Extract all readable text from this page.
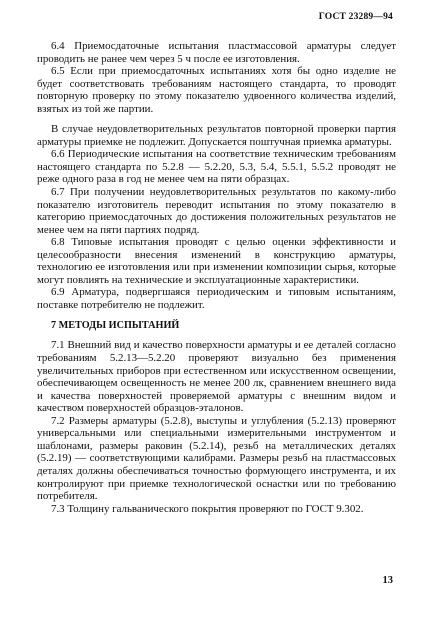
ГОСТ 23289—94

6.4 Приемосдаточные испытания пластмассовой арматуры следует проводить не ранее чем через 5 ч после ее изготовления.

6.5 Если при приемосдаточных испытаниях хотя бы одно изделие не будет соответствовать требованиям настоящего стандарта, то проводят повторную проверку по этому показателю удвоенного количества изделий, взятых из той же партии.

В случае неудовлетворительных результатов повторной проверки партия арматуры приемке не подлежит. Допускается поштучная приемка арматуры.

6.6 Периодические испытания на соответствие техническим требованиям настоящего стандарта по 5.2.8 — 5.2.20, 5.3, 5.4, 5.5.1, 5.5.2 проводят не реже одного раза в год не менее чем на пяти образцах.

6.7 При получении неудовлетворительных результатов по какому-либо показателю изготовитель переводит испытания по этому показателю в категорию приемосдаточных до достижения положительных результатов не менее чем на пяти партиях подряд.

6.8 Типовые испытания проводят с целью оценки эффективности и целесообразности внесения изменений в конструкцию арматуры, технологию ее изготовления или при изменении композиции сырья, которые могут повлиять на технические и эксплуатационные характеристики.

6.9 Арматура, подвергшаяся периодическим и типовым испытаниям, поставке потребителю не подлежит.

7 МЕТОДЫ ИСПЫТАНИЙ

7.1 Внешний вид и качество поверхности арматуры и ее деталей согласно требованиям 5.2.13—5.2.20 проверяют визуально без применения увеличительных приборов при естественном или искусственном освещении, обеспечивающем освещенность не менее 200 лк, сравнением внешнего вида и качества поверхностей проверяемой арматуры с внешним видом и качеством поверхностей образцов-эталонов.

7.2 Размеры арматуры (5.2.8), выступы и углубления (5.2.13) проверяют универсальными или специальными измерительными инструментом и шаблонами, размеры раковин (5.2.14), резьб на металлических деталях (5.2.19) — соответствующими калибрами. Размеры резьб на пластмассовых деталях должны обеспечиваться точностью формующего инструмента, и их контролируют при приемке технологической оснастки или по требованию потребителя.

7.3 Толщину гальванического покрытия проверяют по ГОСТ 9.302.

13
